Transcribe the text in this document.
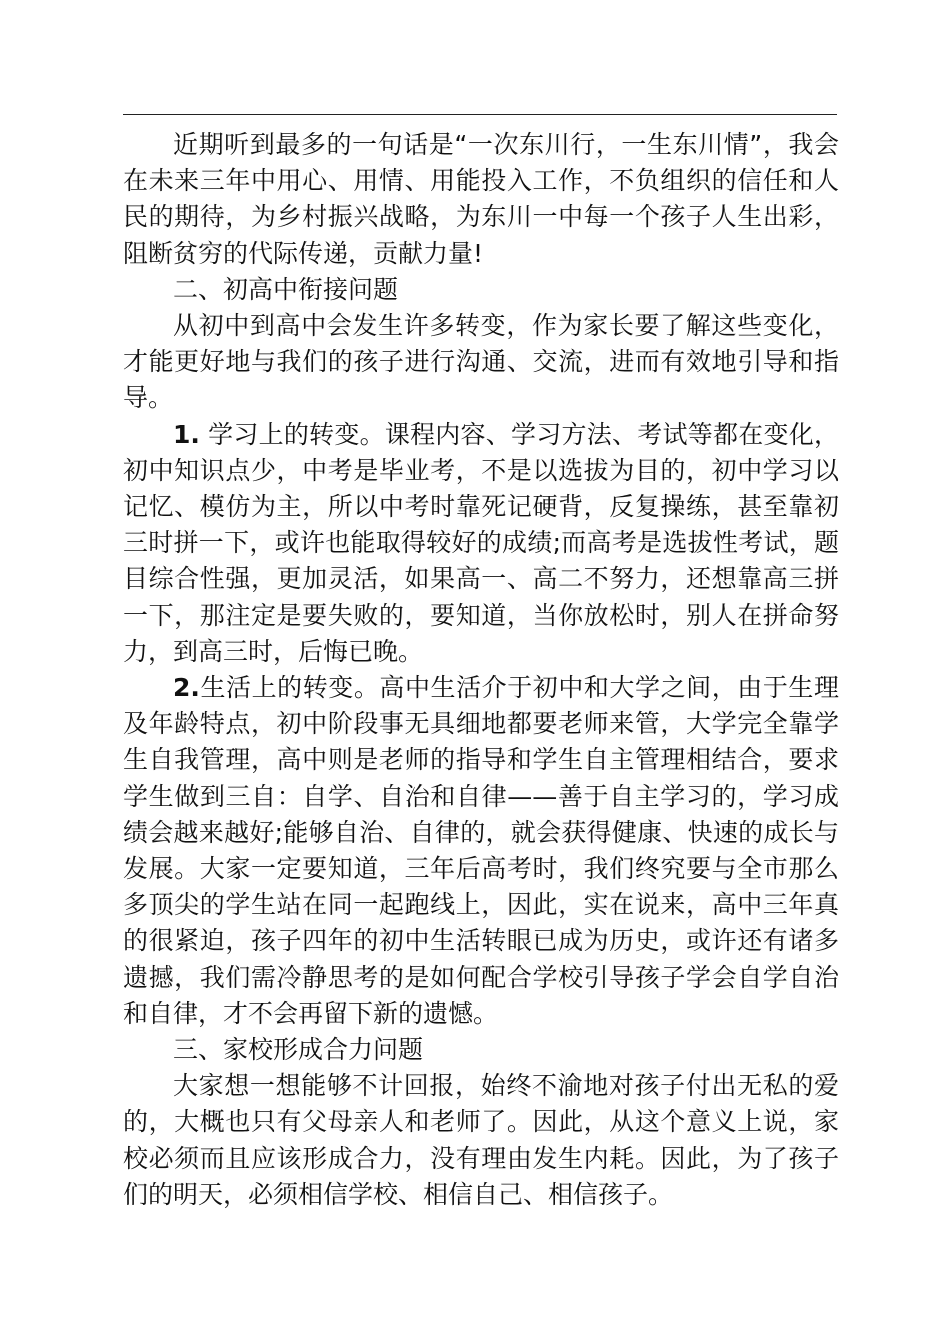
近期听到最多的一句话是“一次东川行，一生东川情”，我会在未来三年中用心、用情、用能投入工作，不负组织的信任和人民的期待，为乡村振兴战略，为东川一中每一个孩子人生出彩，阻断贫穷的代际传递，贡献力量!

二、初高中衔接问题

从初中到高中会发生许多转变，作为家长要了解这些变化，才能更好地与我们的孩子进行沟通、交流，进而有效地引导和指导。

1. 学习上的转变。课程内容、学习方法、考试等都在变化，初中知识点少，中考是毕业考，不是以选拔为目的，初中学习以记忆、模仿为主，所以中考时靠死记硬背，反复操练，甚至靠初三时拼一下，或许也能取得较好的成绩;而高考是选拔性考试，题目综合性强，更加灵活，如果高一、高二不努力，还想靠高三拼一下，那注定是要失败的，要知道，当你放松时，别人在拼命努力，到高三时，后悔已晚。

2.生活上的转变。高中生活介于初中和大学之间，由于生理及年龄特点，初中阶段事无具细地都要老师来管，大学完全靠学生自我管理，高中则是老师的指导和学生自主管理相结合，要求学生做到三自：自学、自治和自律——善于自主学习的，学习成绩会越来越好;能够自治、自律的，就会获得健康、快速的成长与发展。大家一定要知道，三年后高考时，我们终究要与全市那么多顶尖的学生站在同一起跑线上，因此，实在说来，高中三年真的很紧迫，孩子四年的初中生活转眼已成为历史，或许还有诸多遗撼，我们需冷静思考的是如何配合学校引导孩子学会自学自治和自律，才不会再留下新的遗憾。

三、家校形成合力问题

大家想一想能够不计回报，始终不渝地对孩子付出无私的爱的，大概也只有父母亲人和老师了。因此，从这个意义上说，家校必须而且应该形成合力，没有理由发生内耗。因此，为了孩子们的明天，必须相信学校、相信自己、相信孩子。
